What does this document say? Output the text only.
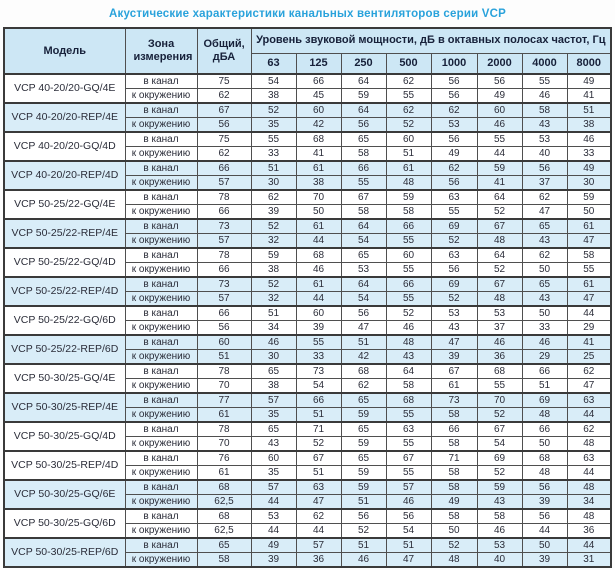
Акустические характеристики канальных вентиляторов серии VCP
Модель	Зона измерения	Общий, дБА	Уровень звуковой мощности, дБ в октавных полосах частот, Гц							
			63	125	250	500	1000	2000	4000	8000
VCP 40-20/20-GQ/4E	в канал	75	54	66	64	62	56	56	55	49
	к окружению	62	38	45	59	55	56	49	46	41
VCP 40-20/20-REP/4E	в канал	67	52	60	64	62	62	60	58	51
	к окружению	56	35	42	56	52	53	46	43	38
VCP 40-20/20-GQ/4D	в канал	75	55	68	65	60	56	55	53	46
	к окружению	62	33	41	58	51	49	44	40	33
VCP 40-20/20-REP/4D	в канал	66	51	61	66	61	62	59	56	49
	к окружению	57	30	38	55	48	56	41	37	30
VCP 50-25/22-GQ/4E	в канал	78	62	70	67	59	63	64	62	59
	к окружению	66	39	50	58	58	55	52	47	50
VCP 50-25/22-REP/4E	в канал	73	52	61	64	66	69	67	65	61
	к окружению	57	32	44	54	55	52	48	43	47
VCP 50-25/22-GQ/4D	в канал	78	59	68	65	60	63	64	62	58
	к окружению	66	38	46	53	55	56	52	50	55
VCP 50-25/22-REP/4D	в канал	73	52	61	64	66	69	67	65	61
	к окружению	57	32	44	54	55	52	48	43	47
VCP 50-25/22-GQ/6D	в канал	66	51	60	56	52	53	53	50	44
	к окружению	56	34	39	47	46	43	37	33	29
VCP 50-25/22-REP/6D	в канал	60	46	55	51	48	47	46	46	41
	к окружению	51	30	33	42	43	39	36	29	25
VCP 50-30/25-GQ/4E	в канал	78	65	73	68	64	67	68	66	62
	к окружению	70	38	54	62	58	61	55	51	47
VCP 50-30/25-REP/4E	в канал	77	57	66	65	68	73	70	69	63
	к окружению	61	35	51	59	55	58	52	48	44
VCP 50-30/25-GQ/4D	в канал	78	65	71	65	63	66	67	66	62
	к окружению	70	43	52	59	55	58	54	50	48
VCP 50-30/25-REP/4D	в канал	76	60	67	65	67	71	69	68	63
	к окружению	61	35	51	59	55	58	52	48	44
VCP 50-30/25-GQ/6E	в канал	68	57	63	59	57	58	59	56	48
	к окружению	62,5	44	47	51	46	49	43	39	34
VCP 50-30/25-GQ/6D	в канал	68	53	62	56	56	58	58	56	48
	к окружению	62,5	44	44	52	54	50	46	44	36
VCP 50-30/25-REP/6D	в канал	65	49	57	51	51	52	53	50	44
	к окружению	58	39	36	46	47	48	40	39	31
